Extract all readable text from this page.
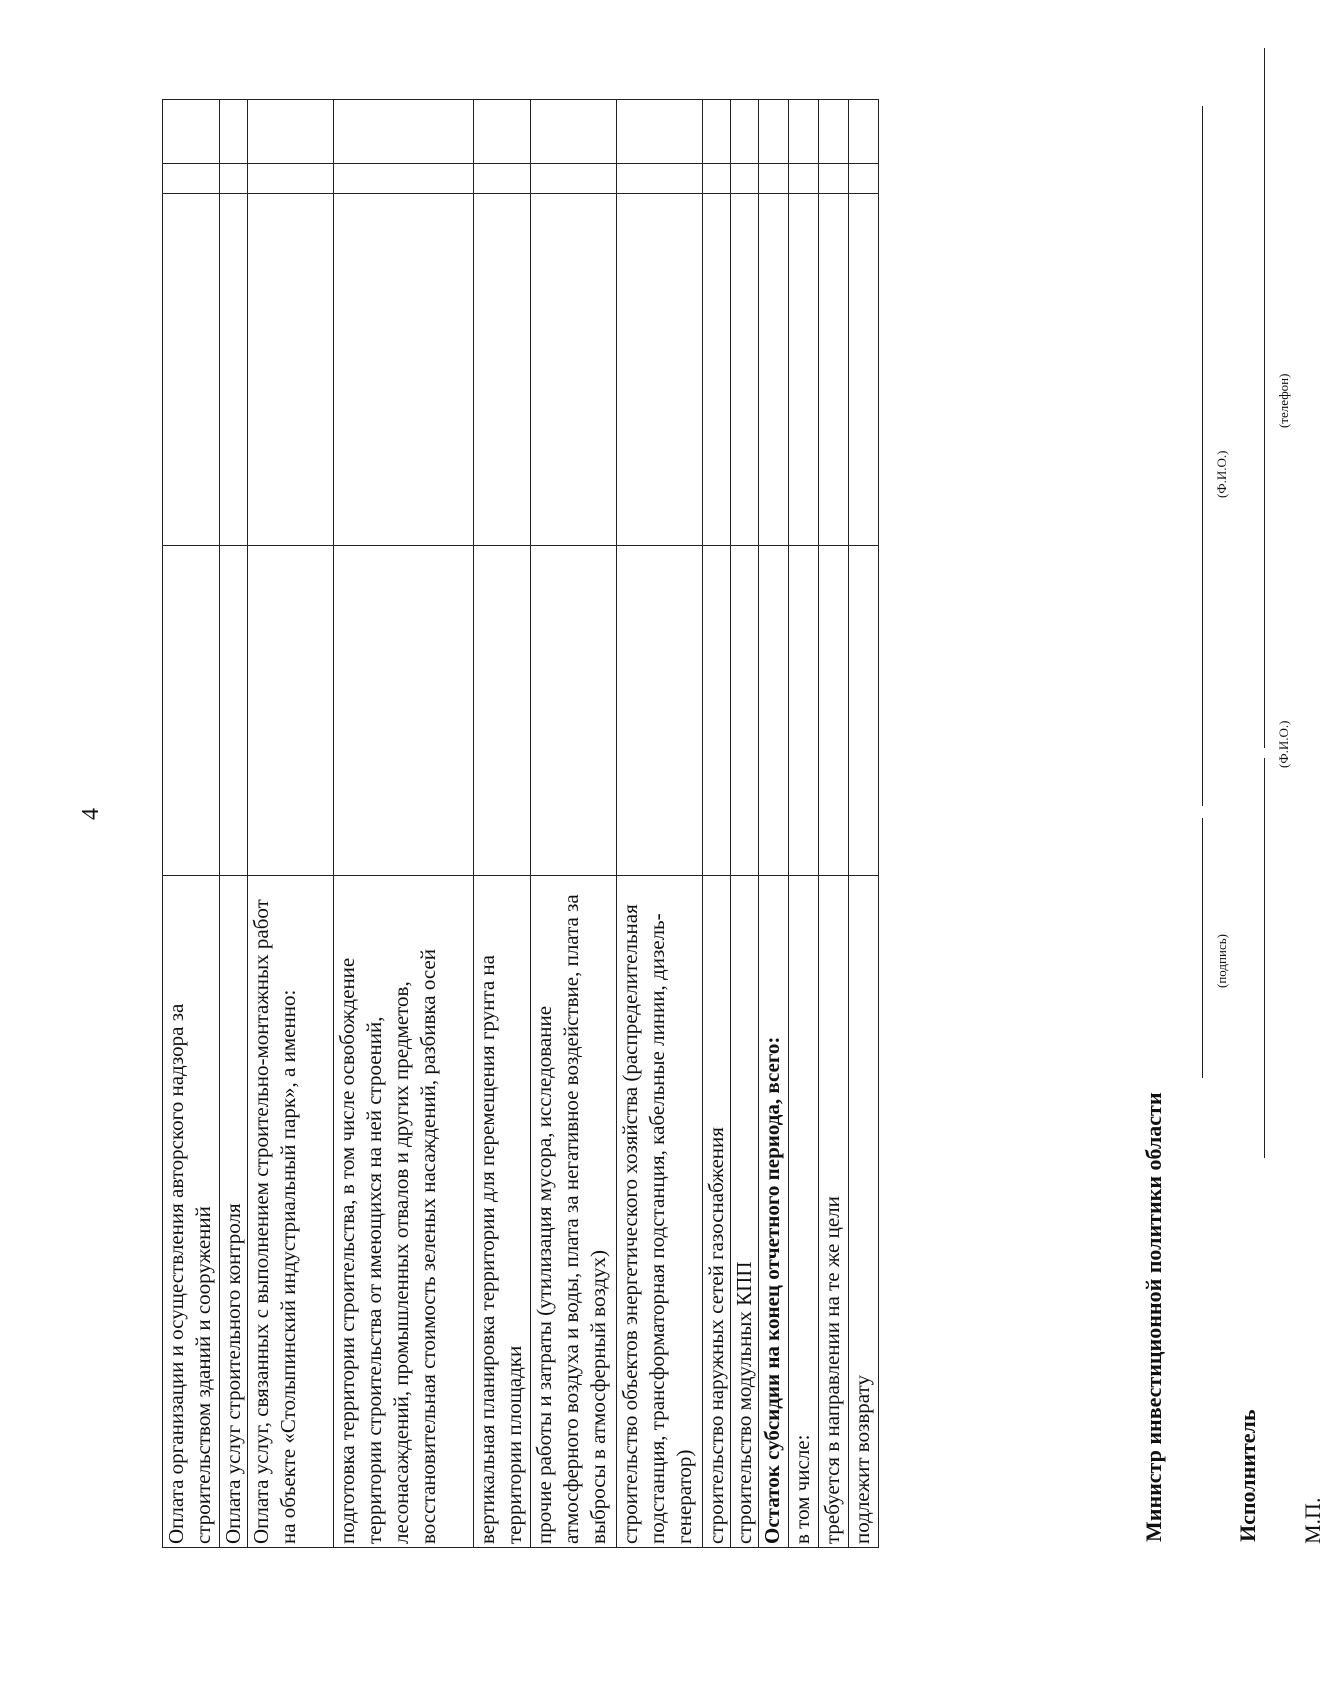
4
Оплата организации и осуществления авторского надзора за строительством зданий и сооружений				
Оплата услуг строительного контроля				
Оплата услуг, связанных с выполнением строительно-монтажных работ на объекте «Столыпинский индустриальный парк», а именно:				
подготовка территории строительства, в том числе освобождение территории строительства от имеющихся на ней строений, лесонасаждений, промышленных отвалов и других предметов, восстановительная стоимость зеленых насаждений, разбивка осей				
вертикальная планировка территории для перемещения грунта на территории площадки				
прочие работы и затраты (утилизация мусора, исследование атмосферного воздуха и воды, плата за негативное воздействие, плата за выбросы в атмосферный воздух)				
строительство объектов энергетического хозяйства (распределительная подстанция, трансформаторная подстанция, кабельные линии, дизель-генератор)				
строительство наружных сетей газоснабжения				
строительство модульных КПП				
Остаток субсидии на конец отчетного периода, всего:				
в том числе:				
требуется в направлении на те же цели				
подлежит возврату					Министр инвестиционной политики области
(подпись)
(Ф.И.О.)
Исполнитель
(Ф.И.О.)
(телефон)
М.П.
